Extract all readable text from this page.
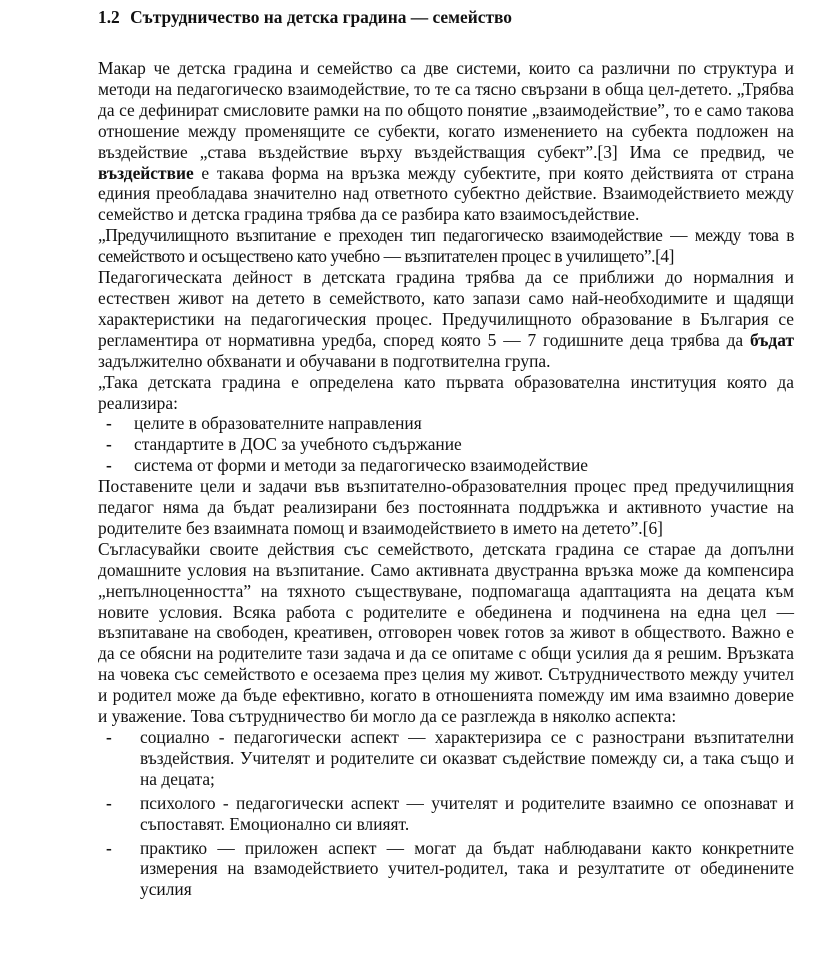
1.2 Сътрудничество на детска градина — семейство

Макар че детска градина и семейство са две системи, които са различни по структура и методи на педагогическо взаимодействие, то те са тясно свързани в обща цел-детето. „Трябва да се дефинират смисловите рамки на по общото понятие „взаимодействие”, то е само такова отношение между променящите се субекти, когато изменението на субекта подложен на въздействие „става въздействие върху въздействащия субект”.[3] Има се предвид, че въздействие е такава форма на връзка между субектите, при която действията от страна единия преобладава значително над ответното субектно действие. Взаимодействието между семейство и детска градина трябва да се разбира като взаимосъдействие.

„Предучилищното възпитание е преходен тип педагогическо взаимодействие — между това в семейството и осъществено като учебно — възпитателен процес в училището”.[4]

Педагогическата дейност в детската градина трябва да се приближи до нормалния и естествен живот на детето в семейството, като запази само най-необходимите и щадящи характеристики на педагогическия процес. Предучилищното образование в България се регламентира от нормативна уредба, според която 5 — 7 годишните деца трябва да бъдат задължително обхванати и обучавани в подготвителна група.

„Така детската градина е определена като първата образователна институция която да реализира:

- целите в образователните направления
- стандартите в ДОС за учебното съдържание
- система от форми и методи за педагогическо взаимодействие

Поставените цели и задачи във възпитателно-образователния процес пред предучилищния педагог няма да бъдат реализирани без постоянната поддръжка и активното участие на родителите без взаимната помощ и взаимодействието в името на детето”.[6]

Съгласувайки своите действия със семейството, детската градина се старае да допълни домашните условия на възпитание. Само активната двустранна връзка може да компенсира „непълноценността” на тяхното съществуване, подпомагаща адаптацията на децата към новите условия. Всяка работа с родителите е обединена и подчинена на една цел — възпитаване на свободен, креативен, отговорен човек готов за живот в обществото. Важно е да се обясни на родителите тази задача и да се опитаме с общи усилия да я решим. Връзката на човека със семейството е осезаема през целия му живот. Сътрудничеството между учител и родител може да бъде ефективно, когато в отношенията помежду им има взаимно доверие и уважение. Това сътрудничество би могло да се разглежда в няколко аспекта:

- социално - педагогически аспект — характеризира се с разнострани възпитателни въздействия. Учителят и родителите си оказват съдействие помежду си, а така също и на децата;
- психолого - педагогически аспект — учителят и родителите взаимно се опознават и съпоставят. Емоционално си влияят.
- практико — приложен аспект — могат да бъдат наблюдавани както конкретните измерения на взамодействието учител-родител, така и резултатите от обединените усилия
